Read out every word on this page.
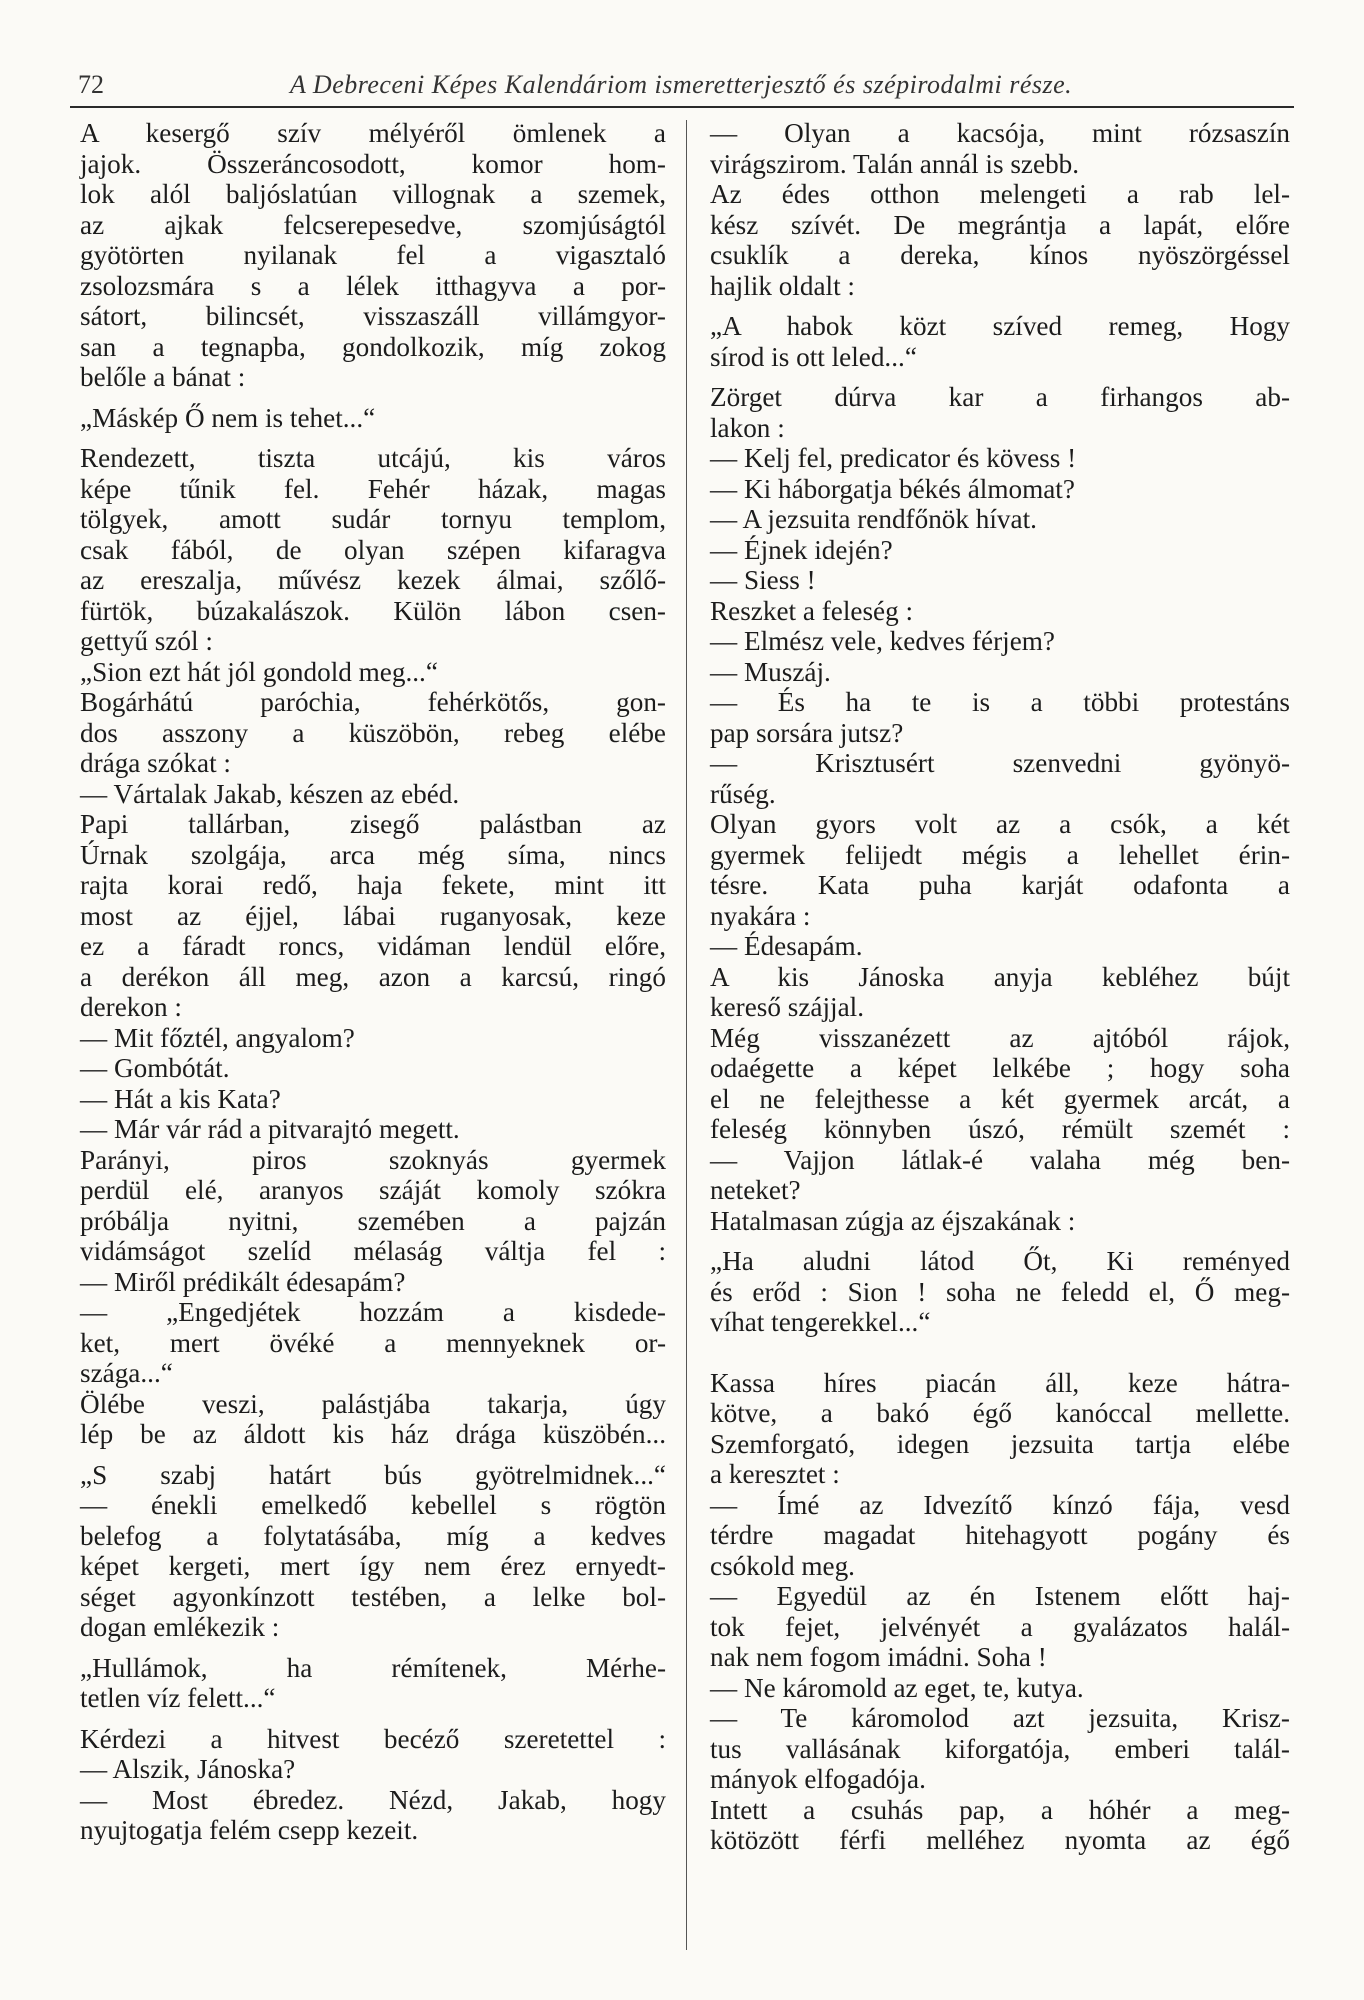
72	A Debreceni Képes Kalendáriom ismeretterjesztő és szépirodalmi része.
A kesergő szív mélyéről ömlenek a
jajok. Összeráncosodott, komor hom-
lok alól baljóslatúan villognak a szemek,
az ajkak felcserepesedve, szomjúságtól
gyötörten nyilanak fel a vigasztaló
zsolozsmára s a lélek itthagyva a por-
sátort, bilincsét, visszaszáll villámgyor-
san a tegnapba, gondolkozik, míg zokog
belőle a bánat :
„Máskép Ő nem is tehet...“
Rendezett, tiszta utcájú, kis város
képe tűnik fel. Fehér házak, magas
tölgyek, amott sudár tornyu templom,
csak fából, de olyan szépen kifaragva
az ereszalja, művész kezek álmai, szőlő-
fürtök, búzakalászok. Külön lábon csen-
gettyű szól :
„Sion ezt hát jól gondold meg...“
Bogárhátú paróchia, fehérkötős, gon-
dos asszony a küszöbön, rebeg elébe
drága szókat :
— Vártalak Jakab, készen az ebéd.
Papi tallárban, zisegő palástban az
Úrnak szolgája, arca még síma, nincs
rajta korai redő, haja fekete, mint itt
most az éjjel, lábai ruganyosak, keze
ez a fáradt roncs, vidáman lendül előre,
a derékon áll meg, azon a karcsú, ringó
derekon :
— Mit főztél, angyalom?
— Gombótát.
— Hát a kis Kata?
— Már vár rád a pitvarajtó megett.
Parányi, piros szoknyás gyermek
perdül elé, aranyos száját komoly szókra
próbálja nyitni, szemében a pajzán
vidámságot szelíd mélaság váltja fel :
— Miről prédikált édesapám?
— „Engedjétek hozzám a kisdede-
ket, mert övéké a mennyeknek or-
szága...“
Ölébe veszi, palástjába takarja, úgy
lép be az áldott kis ház drága küszöbén...
„S szabj határt bús gyötrelmidnek...“
— énekli emelkedő kebellel s rögtön
belefog a folytatásába, míg a kedves
képet kergeti, mert így nem érez ernyedt-
séget agyonkínzott testében, a lelke bol-
dogan emlékezik :
„Hullámok, ha rémítenek, Mérhe-
tetlen víz felett...“
Kérdezi a hitvest becéző szeretettel :
— Alszik, Jánoska?
— Most ébredez. Nézd, Jakab, hogy
nyujtogatja felém csepp kezeit.
— Olyan a kacsója, mint rózsaszín
virágszirom. Talán annál is szebb.
Az édes otthon melengeti a rab lel-
kész szívét. De megrántja a lapát, előre
csuklík a dereka, kínos nyöszörgéssel
hajlik oldalt :
„A habok közt szíved remeg, Hogy
sírod is ott leled...“
Zörget dúrva kar a firhangos ab-
lakon :
— Kelj fel, predicator és kövess !
— Ki háborgatja békés álmomat?
— A jezsuita rendfőnök hívat.
— Éjnek idején?
— Siess !
Reszket a feleség :
— Elmész vele, kedves férjem?
— Muszáj.
— És ha te is a többi protestáns
pap sorsára jutsz?
— Krisztusért szenvedni gyönyö-
rűség.
Olyan gyors volt az a csók, a két
gyermek felijedt mégis a lehellet érin-
tésre. Kata puha karját odafonta a
nyakára :
— Édesapám.
A kis Jánoska anyja kebléhez bújt
kereső szájjal.
Még visszanézett az ajtóból rájok,
odaégette a képet lelkébe ; hogy soha
el ne felejthesse a két gyermek arcát, a
feleség könnyben úszó, rémült szemét :
— Vajjon látlak-é valaha még ben-
neteket?
Hatalmasan zúgja az éjszakának :
„Ha aludni látod Őt, Ki reményed
és erőd : Sion ! soha ne feledd el, Ő meg-
víhat tengerekkel...“
Kassa híres piacán áll, keze hátra-
kötve, a bakó égő kanóccal mellette.
Szemforgató, idegen jezsuita tartja elébe
a keresztet :
— Ímé az Idvezítő kínzó fája, vesd
térdre magadat hitehagyott pogány és
csókold meg.
— Egyedül az én Istenem előtt haj-
tok fejet, jelvényét a gyalázatos halál-
nak nem fogom imádni. Soha !
— Ne káromold az eget, te, kutya.
— Te káromolod azt jezsuita, Krisz-
tus vallásának kiforgatója, emberi talál-
mányok elfogadója.
Intett a csuhás pap, a hóhér a meg-
kötözött férfi melléhez nyomta az égő
